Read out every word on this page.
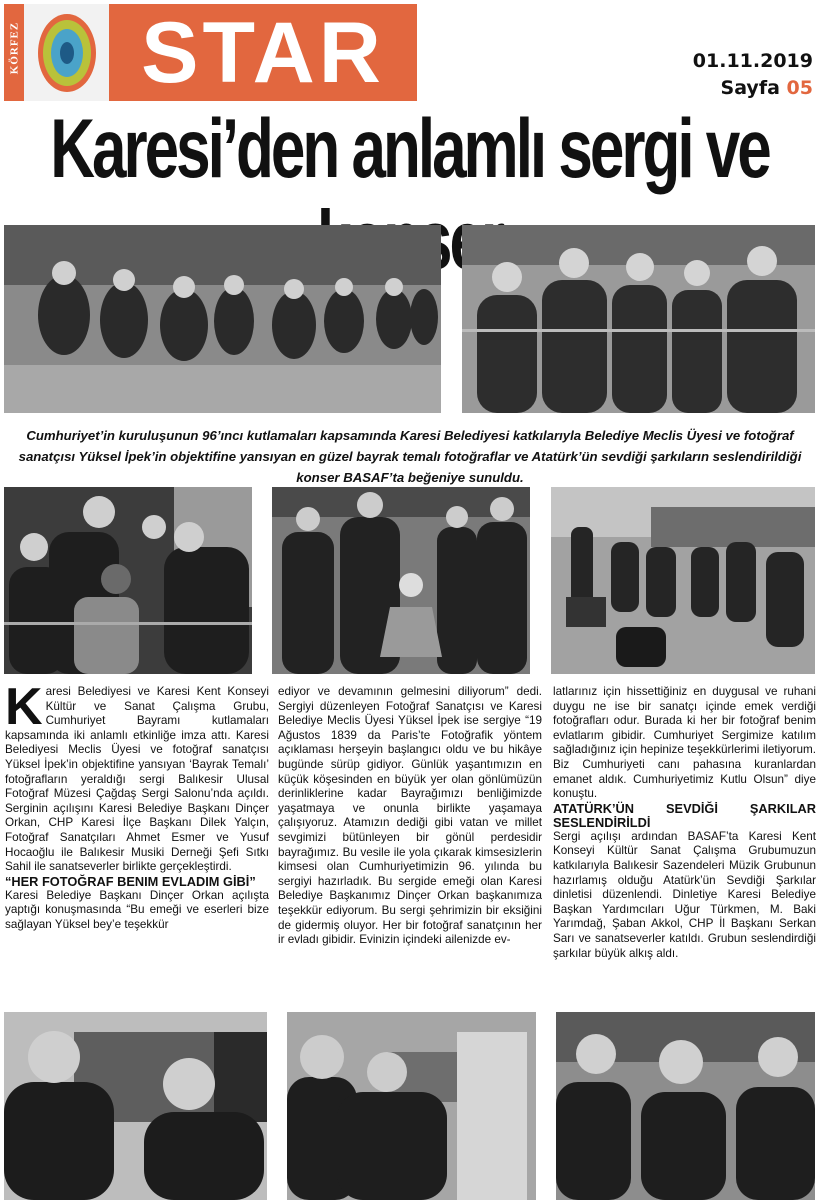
KÖRFEZ STAR	01.11.2019
Sayfa 05
Karesi’den anlamlı sergi ve
Cumhuriyet’in kuruluşunun 96’ıncı kutlamaları kapsamında Karesi Belediyesi katkılarıyla Belediye Meclis Üyesi ve fotoğraf sanatçısı Yüksel İpek’in objektifine yansıyan en güzel bayrak temalı fotoğraflar ve Atatürk’ün sevdiği şarkıların seslendirildiği konser BASAF’ta beğeniye sunuldu.
K aresi Belediyesi ve Karesi Kent Konseyi Kültür ve Sanat Çalışma Grubu, Cumhuriyet Bayramı kutlamaları kapsamında iki anlamlı etkinliğe imza attı. Karesi Belediyesi Meclis Üyesi ve fotoğraf sanatçısı Yüksel İpek’in objektifine yansıyan ‘Bayrak Temalı’ fotoğrafların yeraldığı sergi Balıkesir Ulusal Fotoğraf Müzesi Çağdaş Sergi Salonu’nda açıldı. Serginin açılışını Karesi Belediye Başkanı Dinçer Orkan, CHP Karesi İlçe Başkanı Dilek Yalçın, Fotoğraf Sanatçıları Ahmet Esmer ve Yusuf Hocaoğlu ile Balıkesir Musiki Derneği Şefi Sıtkı Sahil ile sanatseverler birlikte gerçekleştirdi.

“HER FOTOĞRAF BENIM EVLADIM GİBİ”

Karesi Belediye Başkanı Dinçer Orkan açılışta yaptığı konuşmasında “Bu emeği ve eserleri bize sağlayan Yüksel bey’e teşekkür

ediyor ve devamının gelmesini diliyorum” dedi. Sergiyi düzenleyen Fotoğraf Sanatçısı ve Karesi Belediye Meclis Üyesi Yüksel İpek ise sergiye “19 Ağustos 1839 da Paris’te Fotoğrafik yöntem açıklaması herşeyin başlangıcı oldu ve bu hikâye bugünde sürüp gidiyor. Günlük yaşantımızın en küçük köşesinden en büyük yer olan gönlümüzün derinliklerine kadar Bayrağımızı benliğimizde yaşatmaya ve onunla birlikte yaşamaya çalışıyoruz. Atamızın dediği gibi vatan ve millet sevgimizi bütünleyen bir gönül perdesidir bayrağımız. Bu vesile ile yola çıkarak kimsesizlerin kimsesi olan Cumhuriyetimizin 96. yılında bu sergiyi hazırladık. Bu sergide emeği olan Karesi Belediye Başkanımız Dinçer Orkan başkanımıza teşekkür ediyorum. Bu sergi şehrimizin bir eksiğini de gidermiş oluyor. Her bir fotoğraf sanatçının her ir evladı gibidir. Evinizin içindeki ailenizde ev-

latlarınız için hissettiğiniz en duygusal ve ruhani duygu ne ise bir sanatçı içinde emek verdiği fotoğrafları odur. Burada ki her bir fotoğraf benim evlatlarım gibidir. Cumhuriyet Sergimize katılım sağladığınız için hepinize teşekkürlerimi iletiyorum. Biz Cumhuriyeti canı pahasına kuranlardan emanet aldık. Cumhuriyetimiz Kutlu Olsun” diye konuştu.

ATATÜRK’ÜN SEVDİĞİ ŞARKILAR SESLENDİRİLDİ

Sergi açılışı ardından BASAF’ta Karesi Kent Konseyi Kültür Sanat Çalışma Grubumuzun katkılarıyla Balıkesir Sazendeleri Müzik Grubunun hazırlamış olduğu Atatürk’ün Sevdiği Şarkılar dinletisi düzenlendi. Dinletiye Karesi Belediye Başkan Yardımcıları Uğur Türkmen, M. Baki Yarımdağ, Şaban Akkol, CHP İl Başkanı Serkan Sarı ve sanatseverler katıldı. Grubun seslendirdiği şarkılar büyük alkış aldı.
